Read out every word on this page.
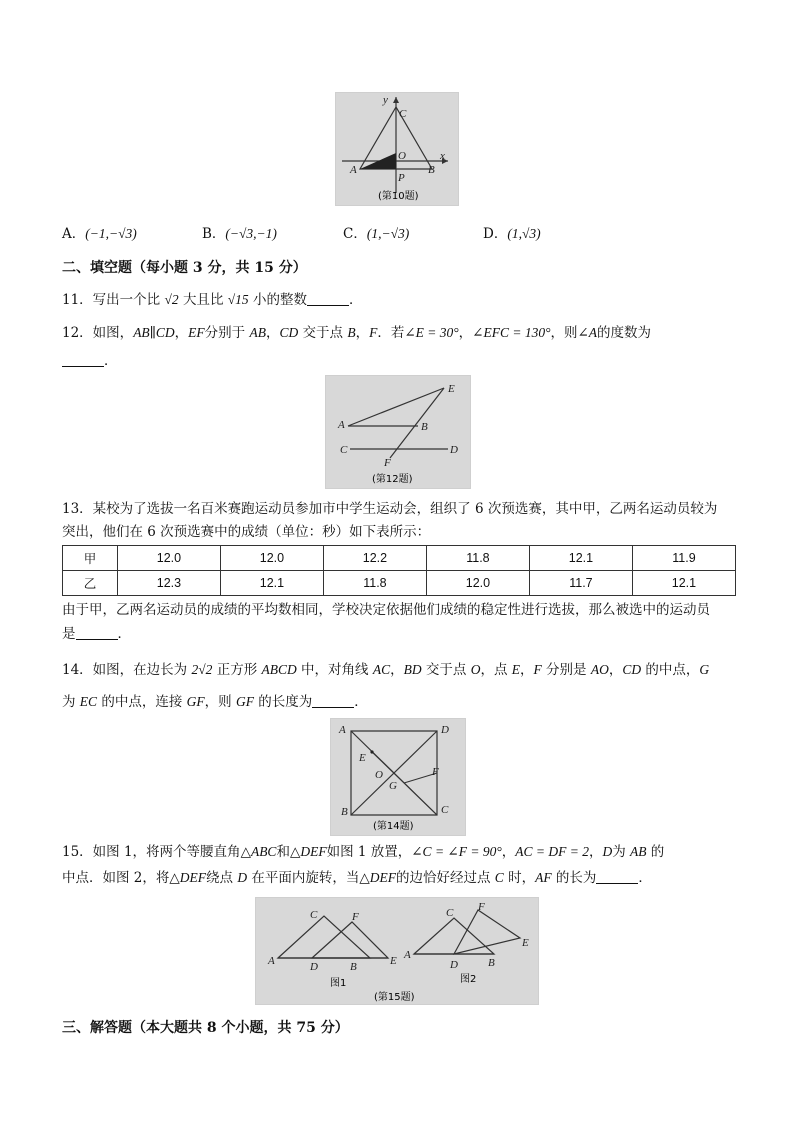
y
C
x
O
A	B
P
(第10题)
A．(−1,−√3)	B．(−√3,−1)	C．(1,−√3)	D．(1,√3)
二、填空题（每小题 3 分，共 15 分）
11．写出一个比 √2 大且比 √15 小的整数	．
12．如图，AB∥CD，EF分别于 AB，CD 交于点 B，F．若∠E = 30°，∠EFC = 130°，则∠A的度数为
．
E
A	B
C
F
D
(第12题)
13．某校为了选拔一名百米赛跑运动员参加市中学生运动会，组织了 6 次预选赛，其中甲，乙两名运动员较为
突出，他们在 6 次预选赛中的成绩（单位：秒）如下表所示：
甲	12.0	12.0	12.2	11.8	12.1	11.9
乙	12.3	12.1	11.8	12.0	11.7	12.1
由于甲，乙两名运动员的成绩的平均数相同，学校决定依据他们成绩的稳定性进行选拔，那么被选中的运动员
是	．
14．如图，在边长为 2√2 正方形 ABCD 中，对角线 AC，BD 交于点 O，点 E，F 分别是 AO，CD 的中点，G
为 EC 的中点，连接 GF，则 GF 的长度为	．
A	D
E
O	F
G
B	C
(第14题)
15．如图 1，将两个等腰直角△ABC和△DEF如图 1 放置，∠C = ∠F = 90°，AC = DF = 2，D为 AB 的
中点．如图 2，将△DEF绕点 D 在平面内旋转，当△DEF的边恰好经过点 C 时，AF 的长为	．
C	F
A	D	B	E
图1
C F
E
A
D	B
图2
(第15题)
三、解答题（本大题共 8 个小题，共 75 分）
